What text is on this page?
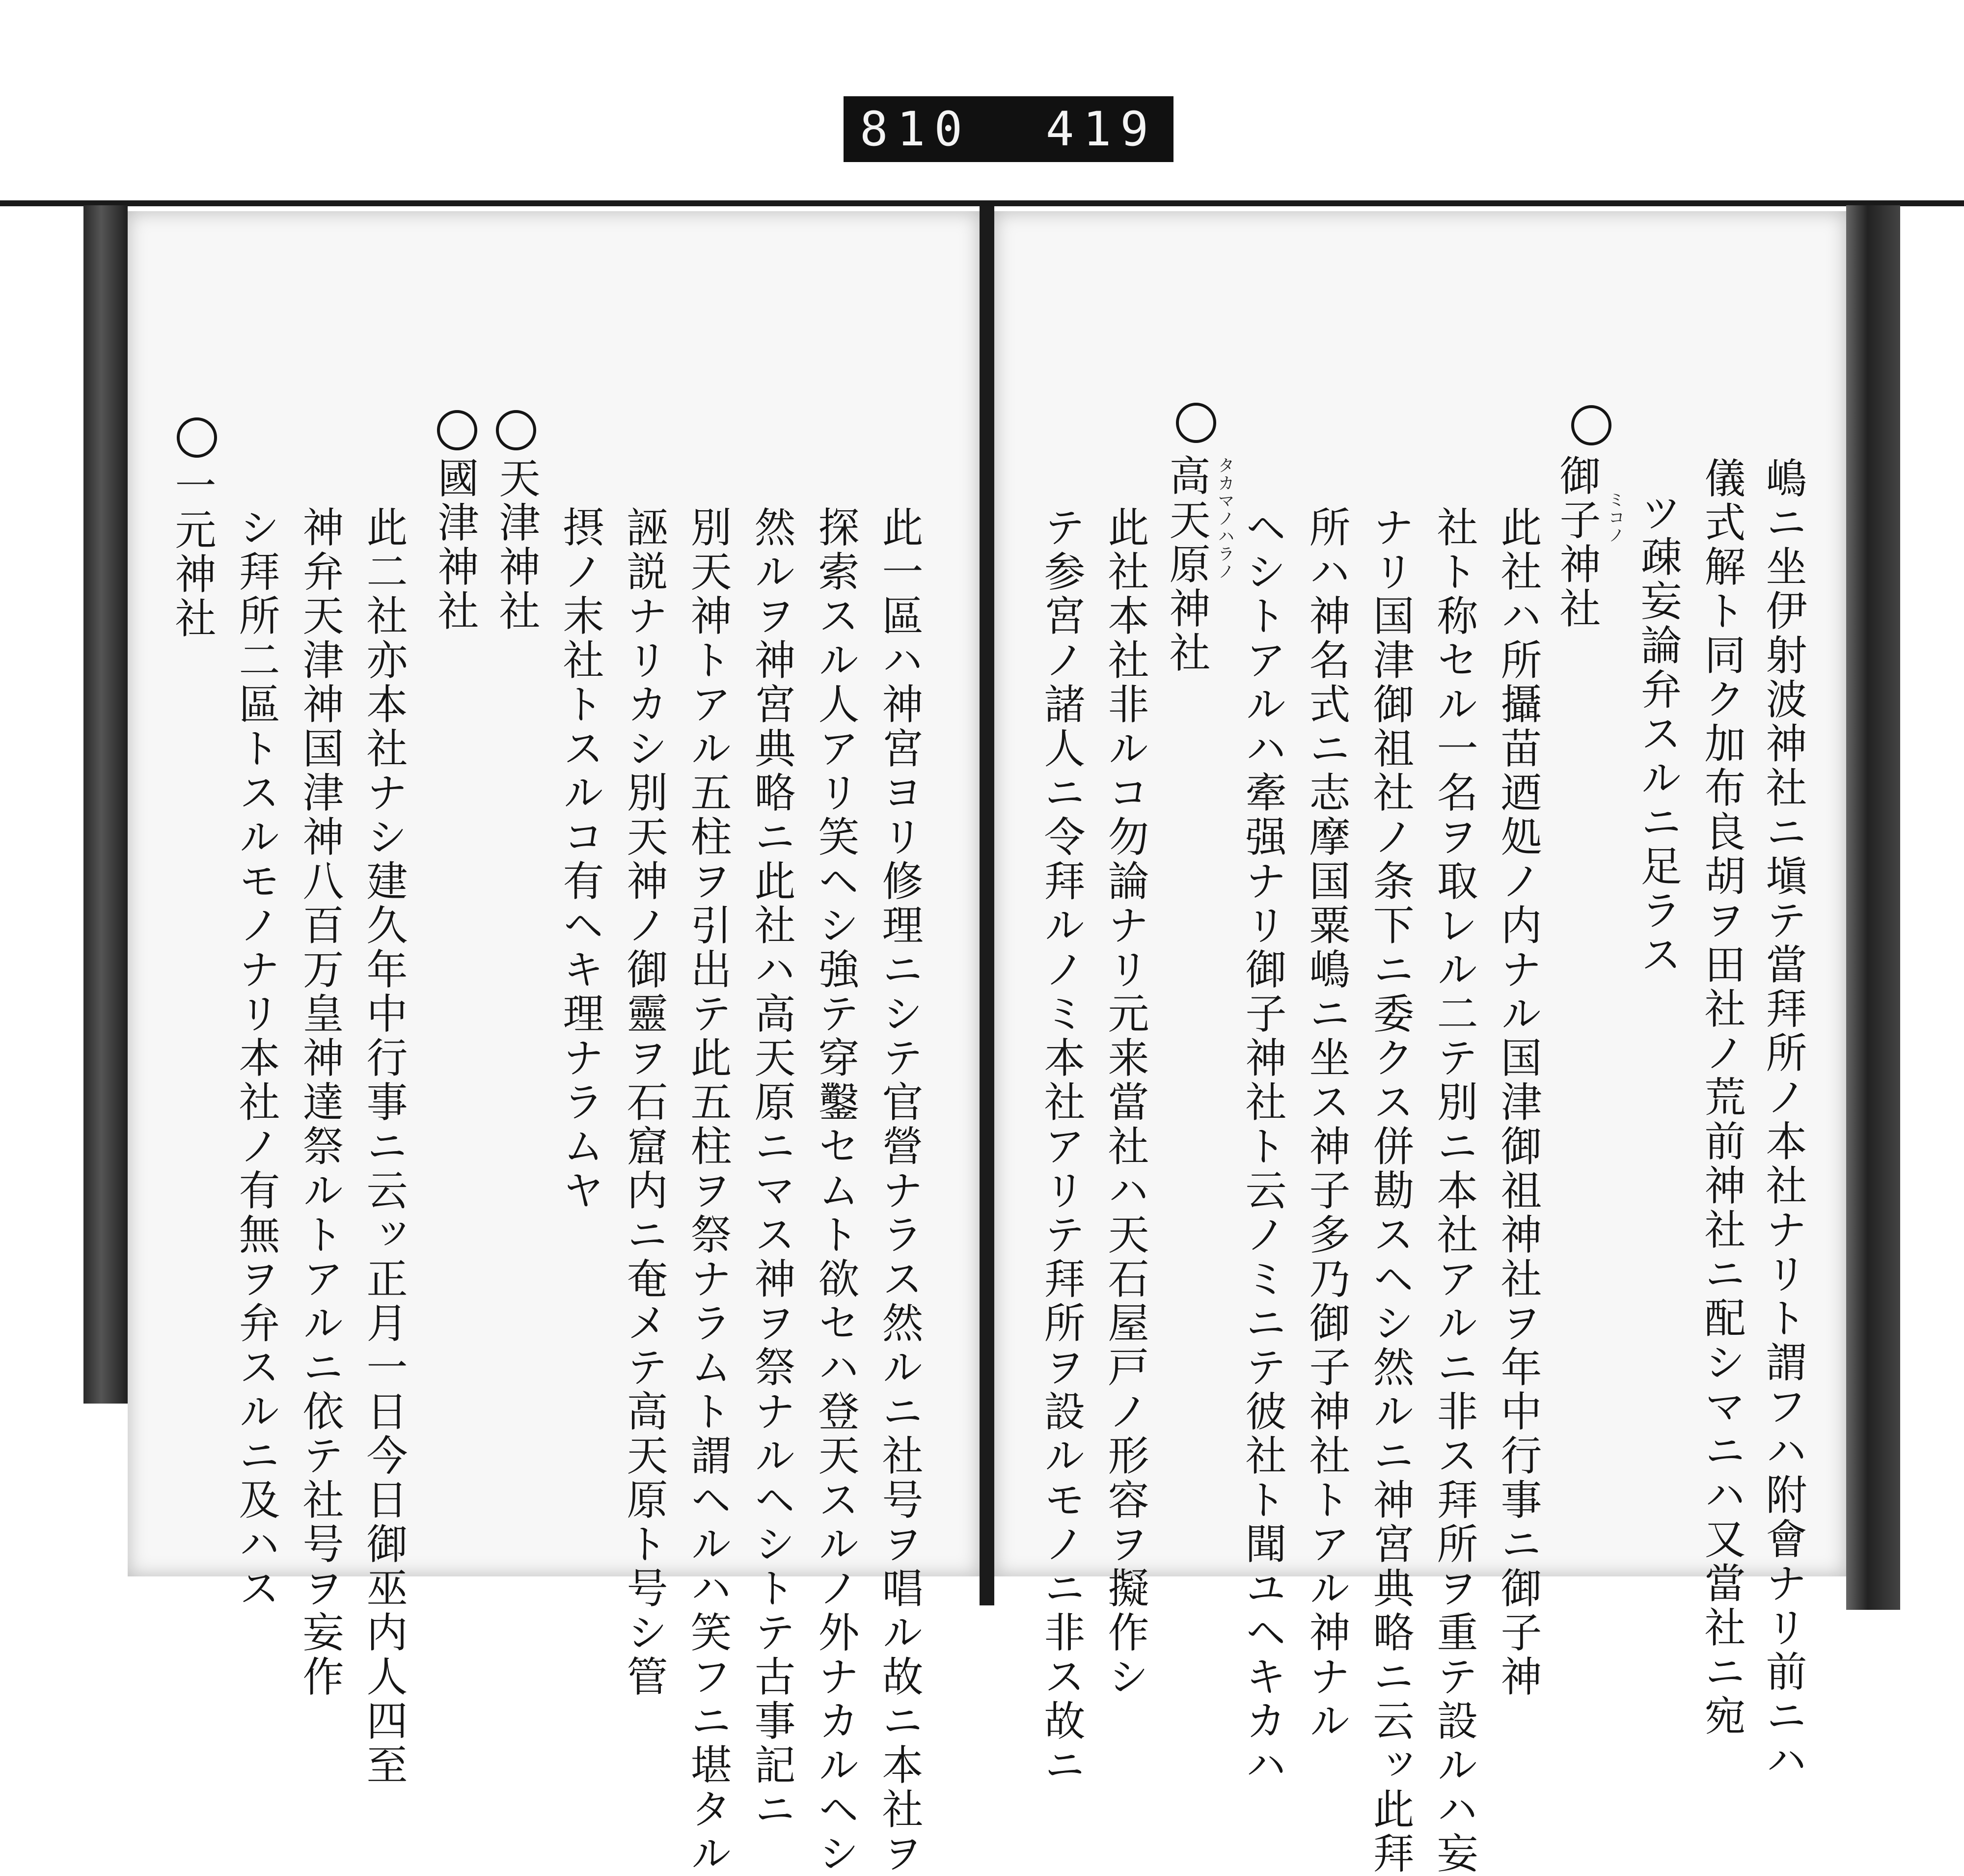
810  419
嶋ニ坐伊射波神社ニ塡テ當拜所ノ本社ナリト謂フハ附會ナリ前ニハ
儀式解ト同ク加布良胡ヲ田社ノ荒前神社ニ配シマニハ又當社ニ宛
ツ疎妄論弁スルニ足ラス
御子神社 ミコノ
此社ハ所攝苗迺処ノ内ナル国津御祖神社ヲ年中行事ニ御子神
社ト称セル一名ヲ取レル二テ別ニ本社アルニ非ス拜所ヲ重テ設ルハ妄
ナリ国津御祖社ノ条下ニ委クス併勘スヘシ然ルニ神宮典略ニ云ッ此拜
所ハ神名式ニ志摩国粟嶋ニ坐ス神子多乃御子神社トアル神ナル
ヘシトアルハ牽强ナリ御子神社ト云ノミニテ彼社ト聞ユヘキカハ
高天原神社 タカマノハラノ
此社本社非ルコ勿論ナリ元来當社ハ天石屋戸ノ形容ヲ擬作シ
テ参宮ノ諸人ニ令拜ルノミ本社アリテ拜所ヲ設ルモノニ非ス故ニ
此一區ハ神宮ヨリ修理ニシテ官營ナラス然ルニ社号ヲ唱ル故ニ本社ヲ
探索スル人アリ笑ヘシ強テ穿鑿セムト欲セハ登天スルノ外ナカルヘシ
然ルヲ神宮典略ニ此社ハ高天原ニマス神ヲ祭ナルヘシトテ古事記ニ
別天神トアル五柱ヲ引出テ此五柱ヲ祭ナラムト謂ヘルハ笑フニ堪タル
誣説ナリカシ別天神ノ御靈ヲ石窟内ニ奄メテ高天原ト号シ管
摂ノ末社トスルコ有ヘキ理ナラムヤ
天津神社
國津神社
此二社亦本社ナシ建久年中行事ニ云ッ正月一日今日御巫内人四至
神弁天津神国津神八百万皇神達祭ルトアルニ依テ社号ヲ妄作
シ拜所二區トスルモノナリ本社ノ有無ヲ弁スルニ及ハス
一元神社
